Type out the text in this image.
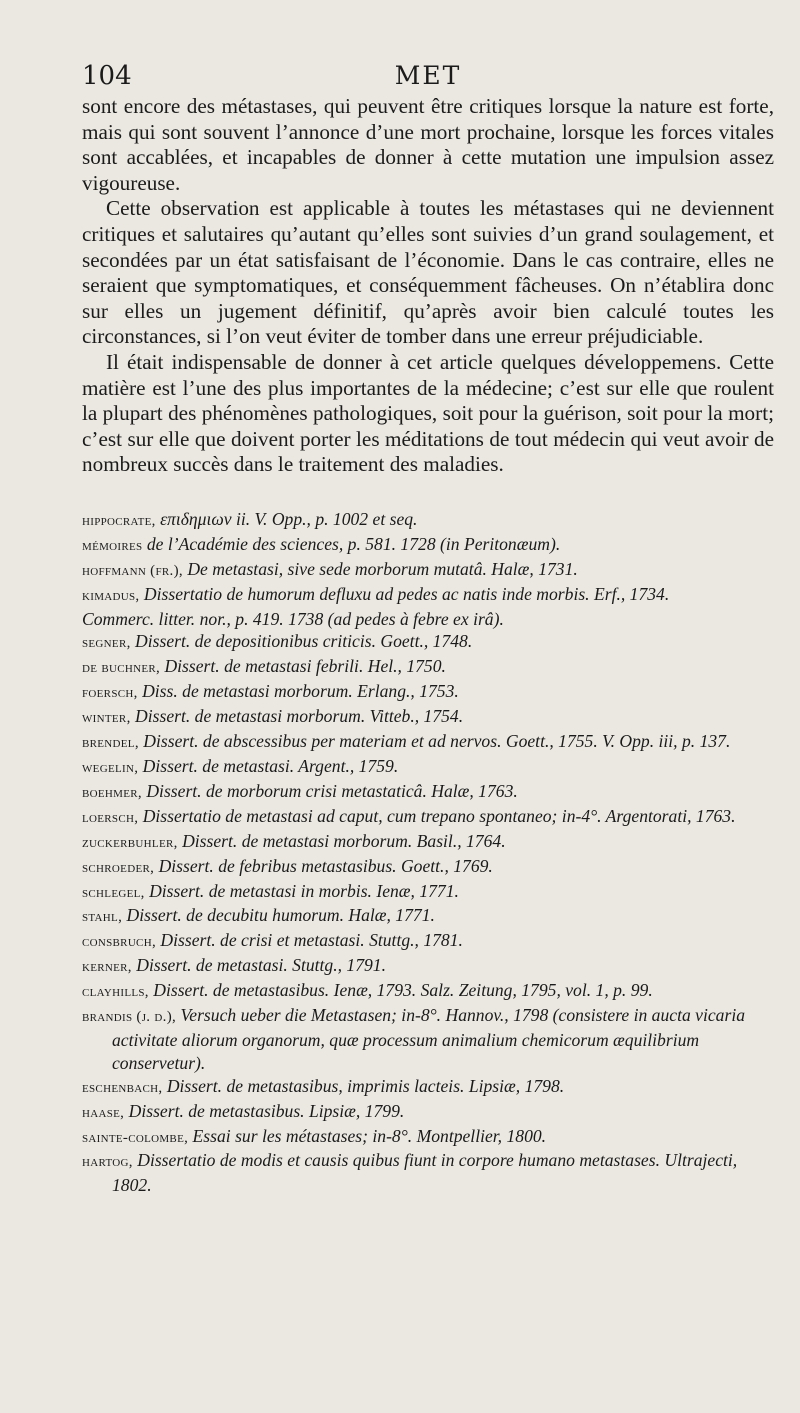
104	MET

sont encore des métastases, qui peuvent être critiques lorsque la nature est forte, mais qui sont souvent l’annonce d’une mort prochaine, lorsque les forces vitales sont accablées, et incapables de donner à cette mutation une impulsion assez vigoureuse.

Cette observation est applicable à toutes les métastases qui ne deviennent critiques et salutaires qu’autant qu’elles sont suivies d’un grand soulagement, et secondées par un état satisfaisant de l’économie. Dans le cas contraire, elles ne seraient que symptomatiques, et conséquemment fâcheuses. On n’établira donc sur elles un jugement définitif, qu’après avoir bien calculé toutes les circonstances, si l’on veut éviter de tomber dans une erreur préjudiciable.

Il était indispensable de donner à cet article quelques développemens. Cette matière est l’une des plus importantes de la médecine; c’est sur elle que roulent la plupart des phénomènes pathologiques, soit pour la guérison, soit pour la mort; c’est sur elle que doivent porter les méditations de tout médecin qui veut avoir de nombreux succès dans le traitement des maladies.

hippocrate, επιδημιων ii. V. Opp., p. 1002 et seq.

mémoires de l’Académie des sciences, p. 581. 1728 (in Peritonæum).

hoffmann (fr.), De metastasi, sive sede morborum mutatâ. Halæ, 1731.

kimadus, Dissertatio de humorum defluxu ad pedes ac natis inde morbis. Erf., 1734.

Commerc. litter. nor., p. 419. 1738 (ad pedes à febre ex irâ).

segner, Dissert. de depositionibus criticis. Goett., 1748.

de buchner, Dissert. de metastasi febrili. Hel., 1750.

foersch, Diss. de metastasi morborum. Erlang., 1753.

winter, Dissert. de metastasi morborum. Vitteb., 1754.

brendel, Dissert. de abscessibus per materiam et ad nervos. Goett., 1755. V. Opp. iii, p. 137.

wegelin, Dissert. de metastasi. Argent., 1759.

boehmer, Dissert. de morborum crisi metastaticâ. Halæ, 1763.

loersch, Dissertatio de metastasi ad caput, cum trepano spontaneo; in-4°. Argentorati, 1763.

zuckerbuhler, Dissert. de metastasi morborum. Basil., 1764.

schroeder, Dissert. de febribus metastasibus. Goett., 1769.

schlegel, Dissert. de metastasi in morbis. Ienæ, 1771.

stahl, Dissert. de decubitu humorum. Halæ, 1771.

consbruch, Dissert. de crisi et metastasi. Stuttg., 1781.

kerner, Dissert. de metastasi. Stuttg., 1791.

clayhills, Dissert. de metastasibus. Ienæ, 1793. Salz. Zeitung, 1795, vol. 1, p. 99.

brandis (j. d.), Versuch ueber die Metastasen; in-8°. Hannov., 1798 (consistere in aucta vicaria activitate aliorum organorum, quæ processum animalium chemicorum æquilibrium conservetur).

eschenbach, Dissert. de metastasibus, imprimis lacteis. Lipsiæ, 1798.

haase, Dissert. de metastasibus. Lipsiæ, 1799.

sainte-colombe, Essai sur les métastases; in-8°. Montpellier, 1800.

hartog, Dissertatio de modis et causis quibus fiunt in corpore humano metastases. Ultrajecti, 1802.
